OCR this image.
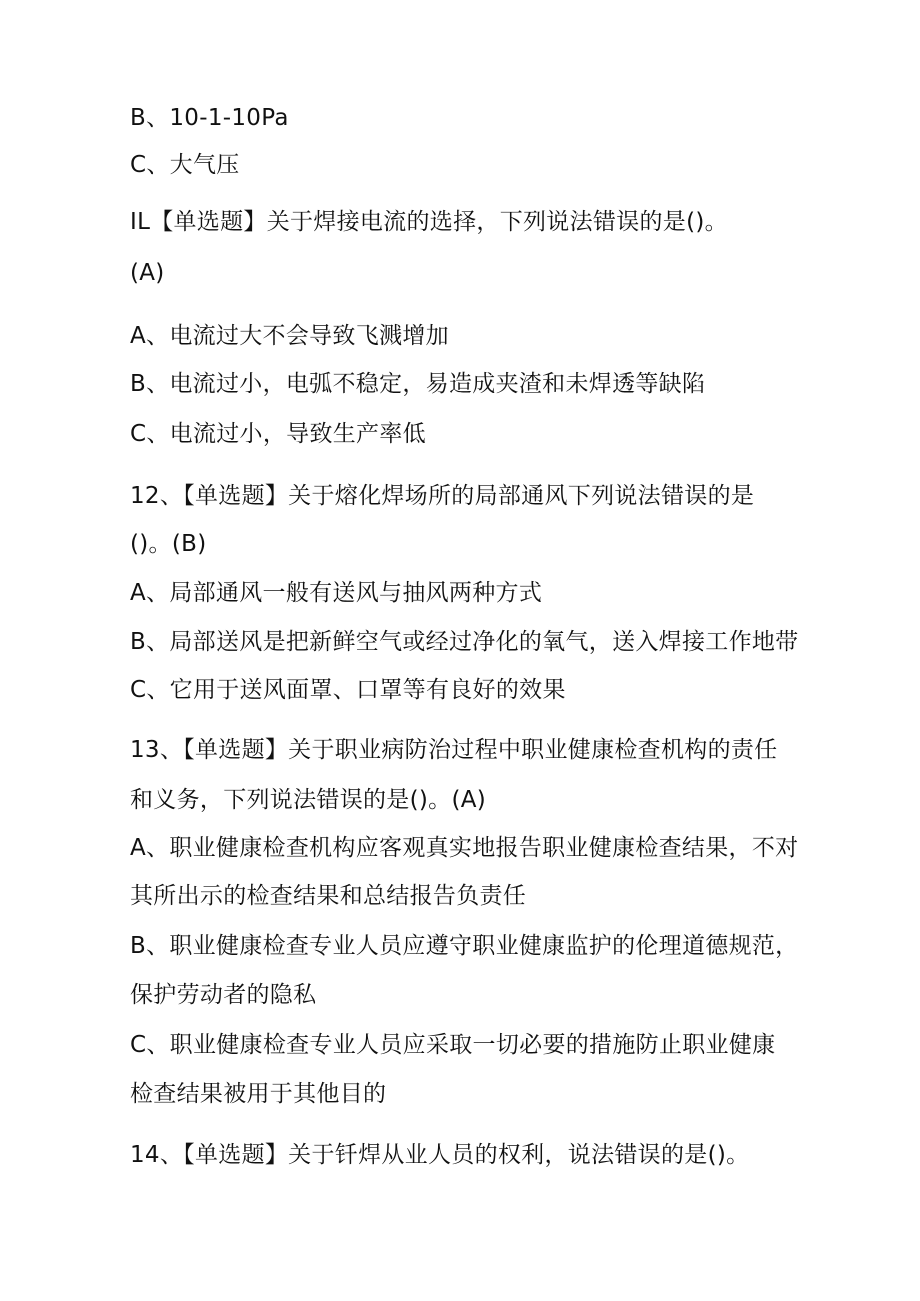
B、10-1-10Pa
C、大气压
IL【单选题】关于焊接电流的选择，下列说法错误的是()。
(A)
A、电流过大不会导致飞溅增加
B、电流过小，电弧不稳定，易造成夹渣和未焊透等缺陷
C、电流过小，导致生产率低
12、【单选题】关于熔化焊场所的局部通风下列说法错误的是
()。(B)
A、局部通风一般有送风与抽风两种方式
B、局部送风是把新鲜空气或经过净化的氧气，送入焊接工作地带
C、它用于送风面罩、口罩等有良好的效果
13、【单选题】关于职业病防治过程中职业健康检查机构的责任
和义务，下列说法错误的是()。(A)
A、职业健康检查机构应客观真实地报告职业健康检查结果，不对
其所出示的检查结果和总结报告负责任
B、职业健康检查专业人员应遵守职业健康监护的伦理道德规范，
保护劳动者的隐私
C、职业健康检查专业人员应采取一切必要的措施防止职业健康
检查结果被用于其他目的
14、【单选题】关于钎焊从业人员的权利，说法错误的是()。
